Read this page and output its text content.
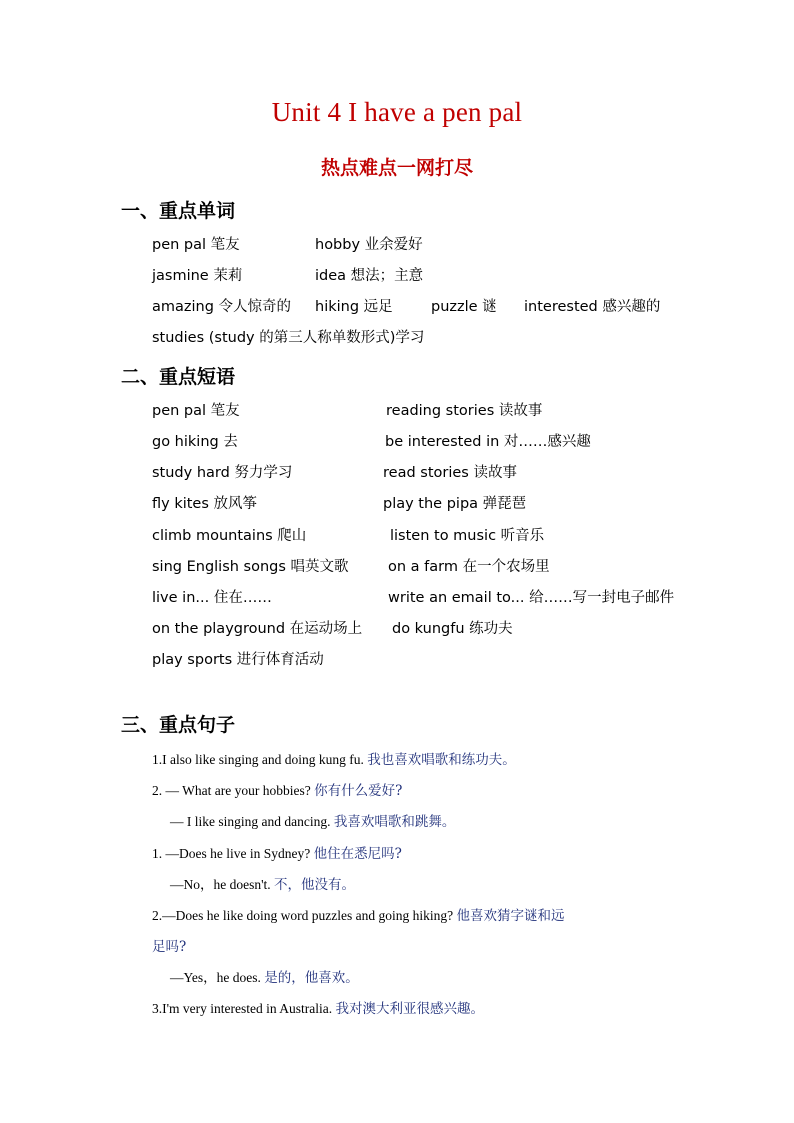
Unit 4 I have a pen pal
热点难点一网打尽
一、重点单词
pen pal 笔友	hobby 业余爱好
jasmine 茉莉	idea 想法；主意
amazing 令人惊奇的 hiking 远足	puzzle 谜 interested 感兴趣的
studies (study 的第三人称单数形式)学习
二、重点短语
pen pal 笔友	reading stories 读故事
go hiking 去	be interested in 对……感兴趣
study hard 努力学习	read stories 读故事
fly kites 放风筝	play the pipa 弹琵琶
climb mountains 爬山	listen to music 听音乐
sing English songs 唱英文歌	on a farm 在一个农场里
live in... 住在……	write an email to... 给……写一封电子邮件
on the playground 在运动场上 do kungfu 练功夫
play sports 进行体育活动
三、重点句子
1.I also like singing and doing kung fu. 我也喜欢唱歌和练功夫。
2. — What are your hobbies? 你有什么爱好?
— I like singing and dancing. 我喜欢唱歌和跳舞。
1. —Does he live in Sydney? 他住在悉尼吗?
—No，he doesn't. 不，他没有。
2.—Does he like doing word puzzles and going hiking? 他喜欢猜字谜和远
足吗?
—Yes，he does. 是的，他喜欢。
3.I'm very interested in Australia. 我对澳大利亚很感兴趣。
